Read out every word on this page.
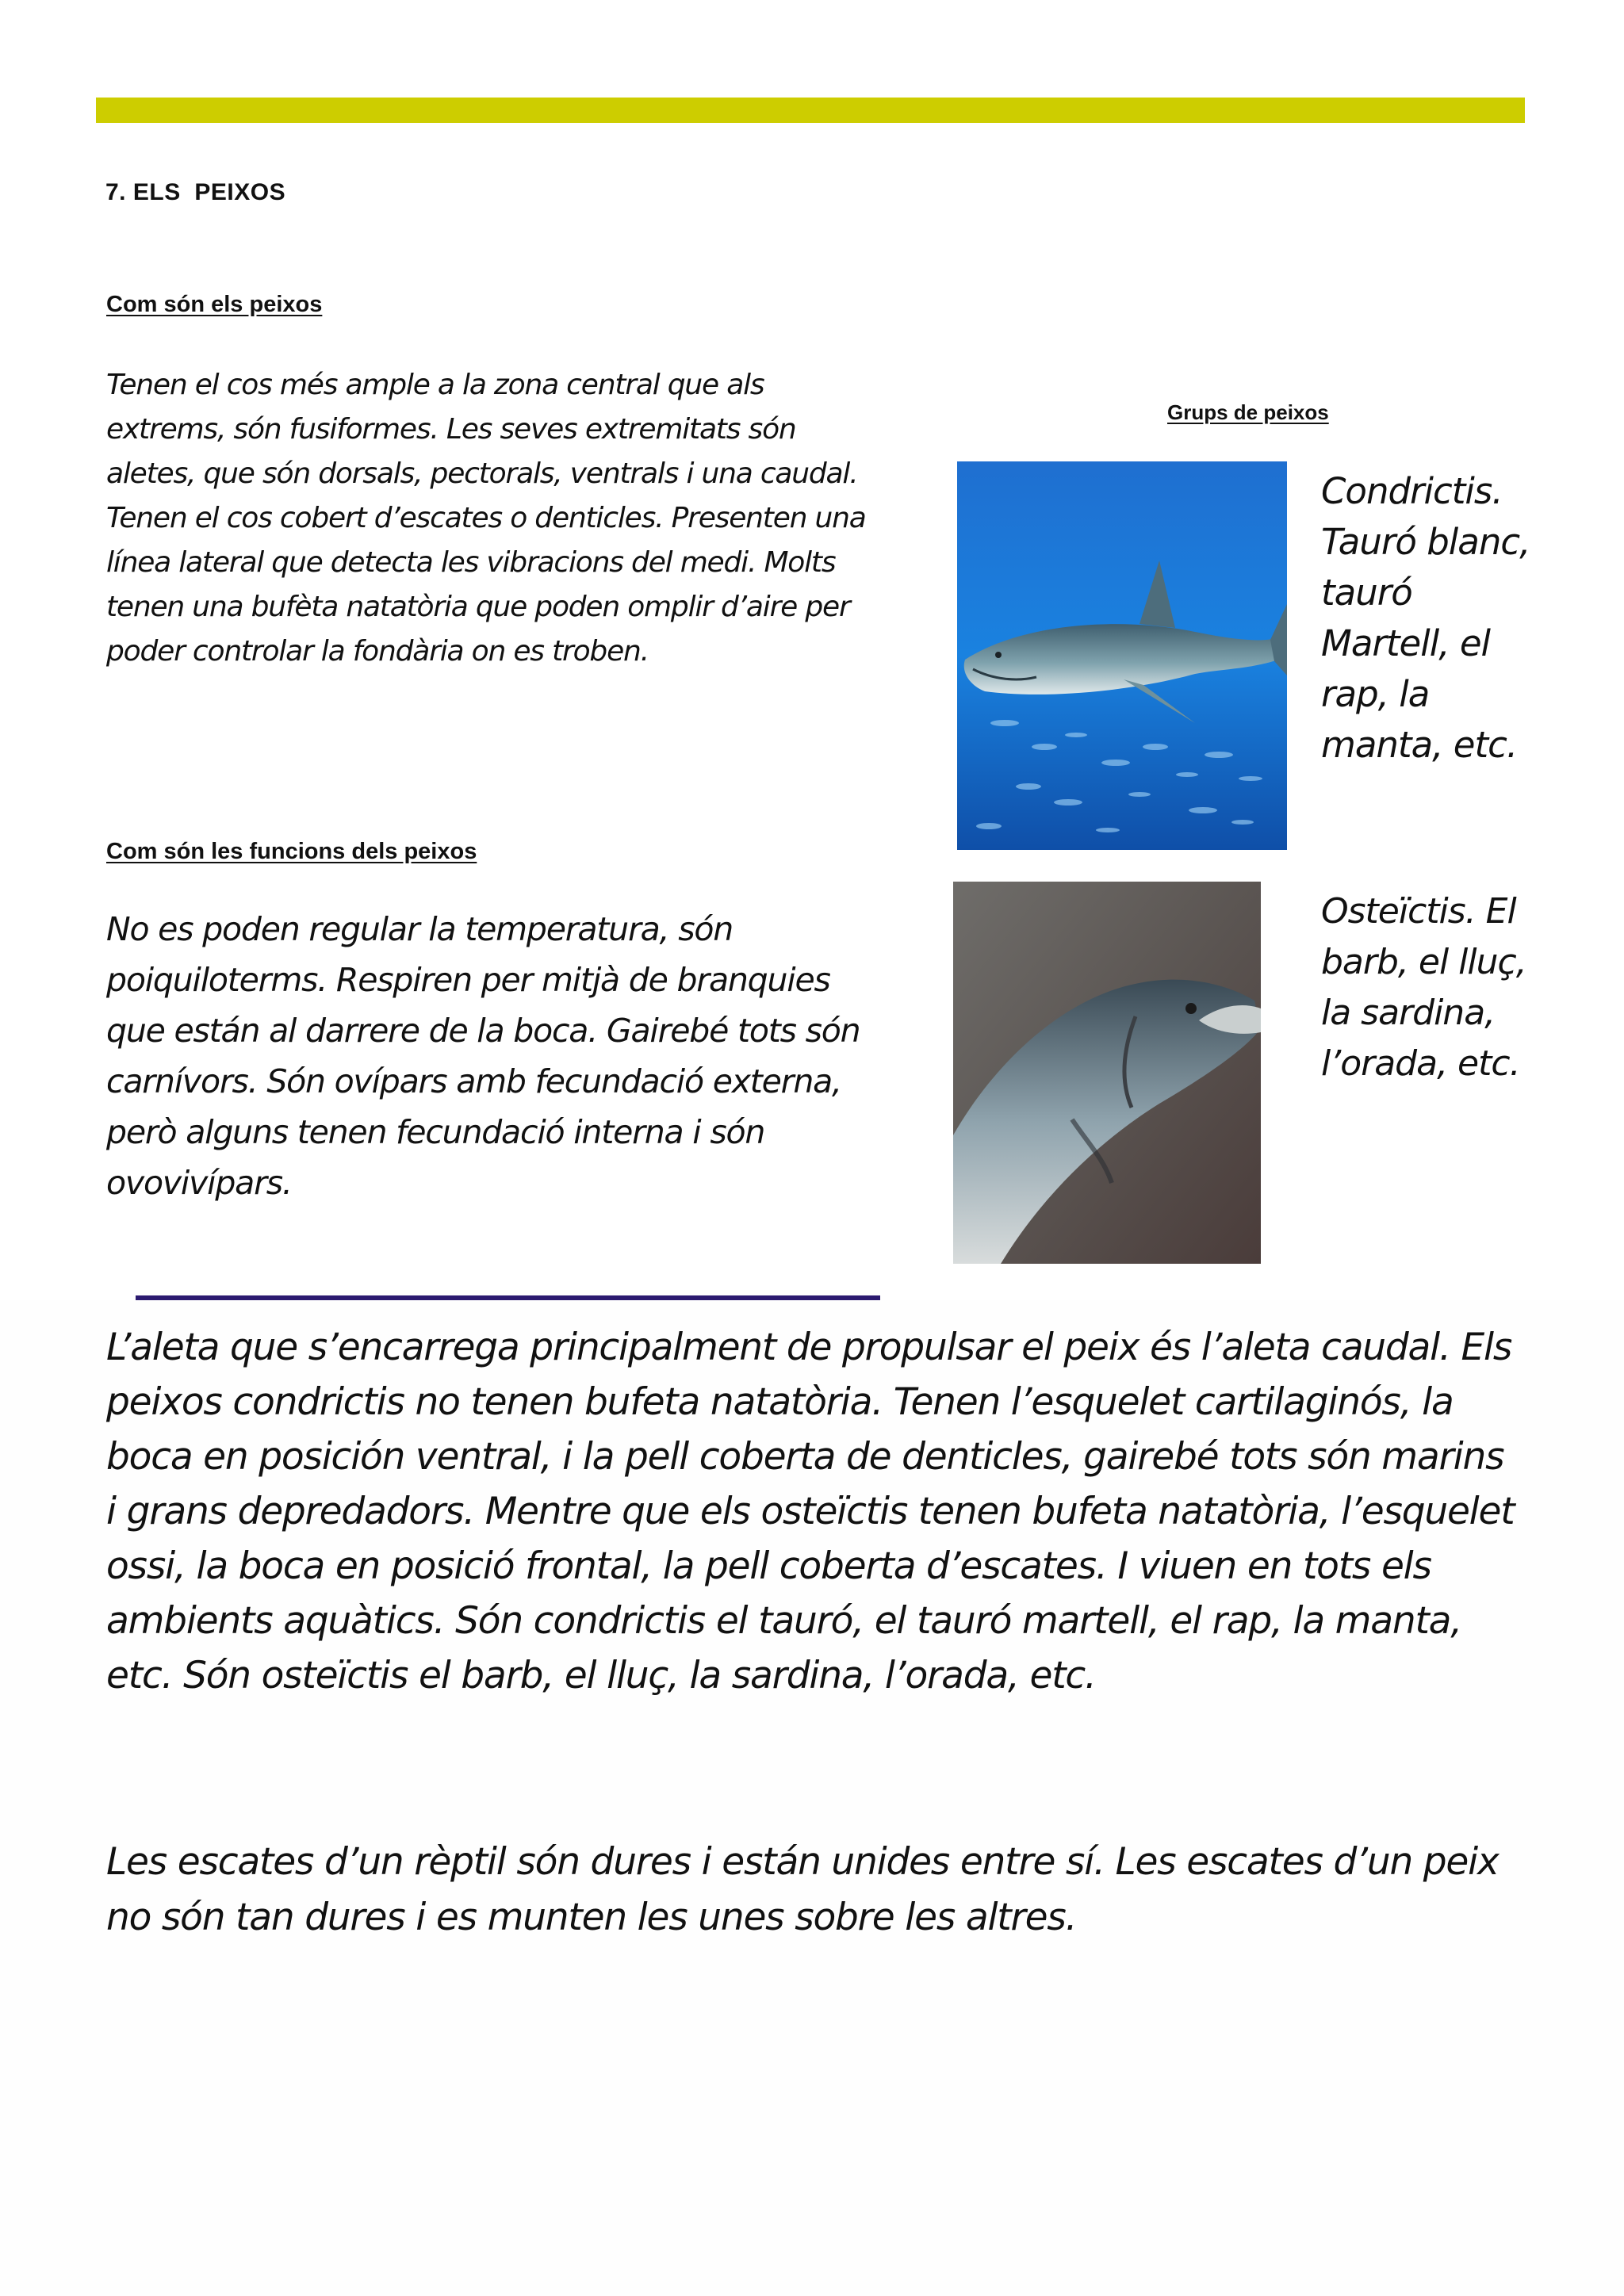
7. ELS  PEIXOS
Com són els peixos

Tenen el cos més ample a la zona central que als extrems, són fusiformes. Les seves extremitats són aletes, que són dorsals, pectorals, ventrals i una caudal. Tenen el cos cobert d’escates o denticles. Presenten una línea lateral que detecta les vibracions del medi. Molts tenen una bufèta natatòria que poden omplir d’aire per poder controlar la fondària on es troben.

Grups de peixos
Condrictis. Tauró blanc, tauró Martell, el rap, la manta, etc.
Com són les funcions dels peixos

No es poden regular la temperatura, són poiquiloterms. Respiren per mitjà de branquies que están al darrere de la boca. Gairebé tots són carnívors. Són ovípars amb fecundació externa, però alguns tenen fecundació interna i són ovovivípars.

Osteïctis. El barb, el lluç, la sardina, l’orada, etc.

L’aleta que s’encarrega principalment de propulsar el peix és l’aleta caudal. Els peixos condrictis no tenen bufeta natatòria. Tenen l’esquelet cartilaginós, la boca en posición ventral, i la pell coberta de denticles, gairebé tots són marins i grans depredadors. Mentre que els osteïctis tenen bufeta natatòria, l’esquelet ossi, la boca en posició frontal, la pell coberta d’escates. I viuen en tots els ambients aquàtics. Són condrictis el tauró, el tauró martell, el rap, la manta, etc. Són osteïctis el barb, el lluç, la sardina, l’orada, etc.

Les escates d’un rèptil són dures i están unides entre sí. Les escates d’un peix no són tan dures i es munten les unes sobre les altres.
